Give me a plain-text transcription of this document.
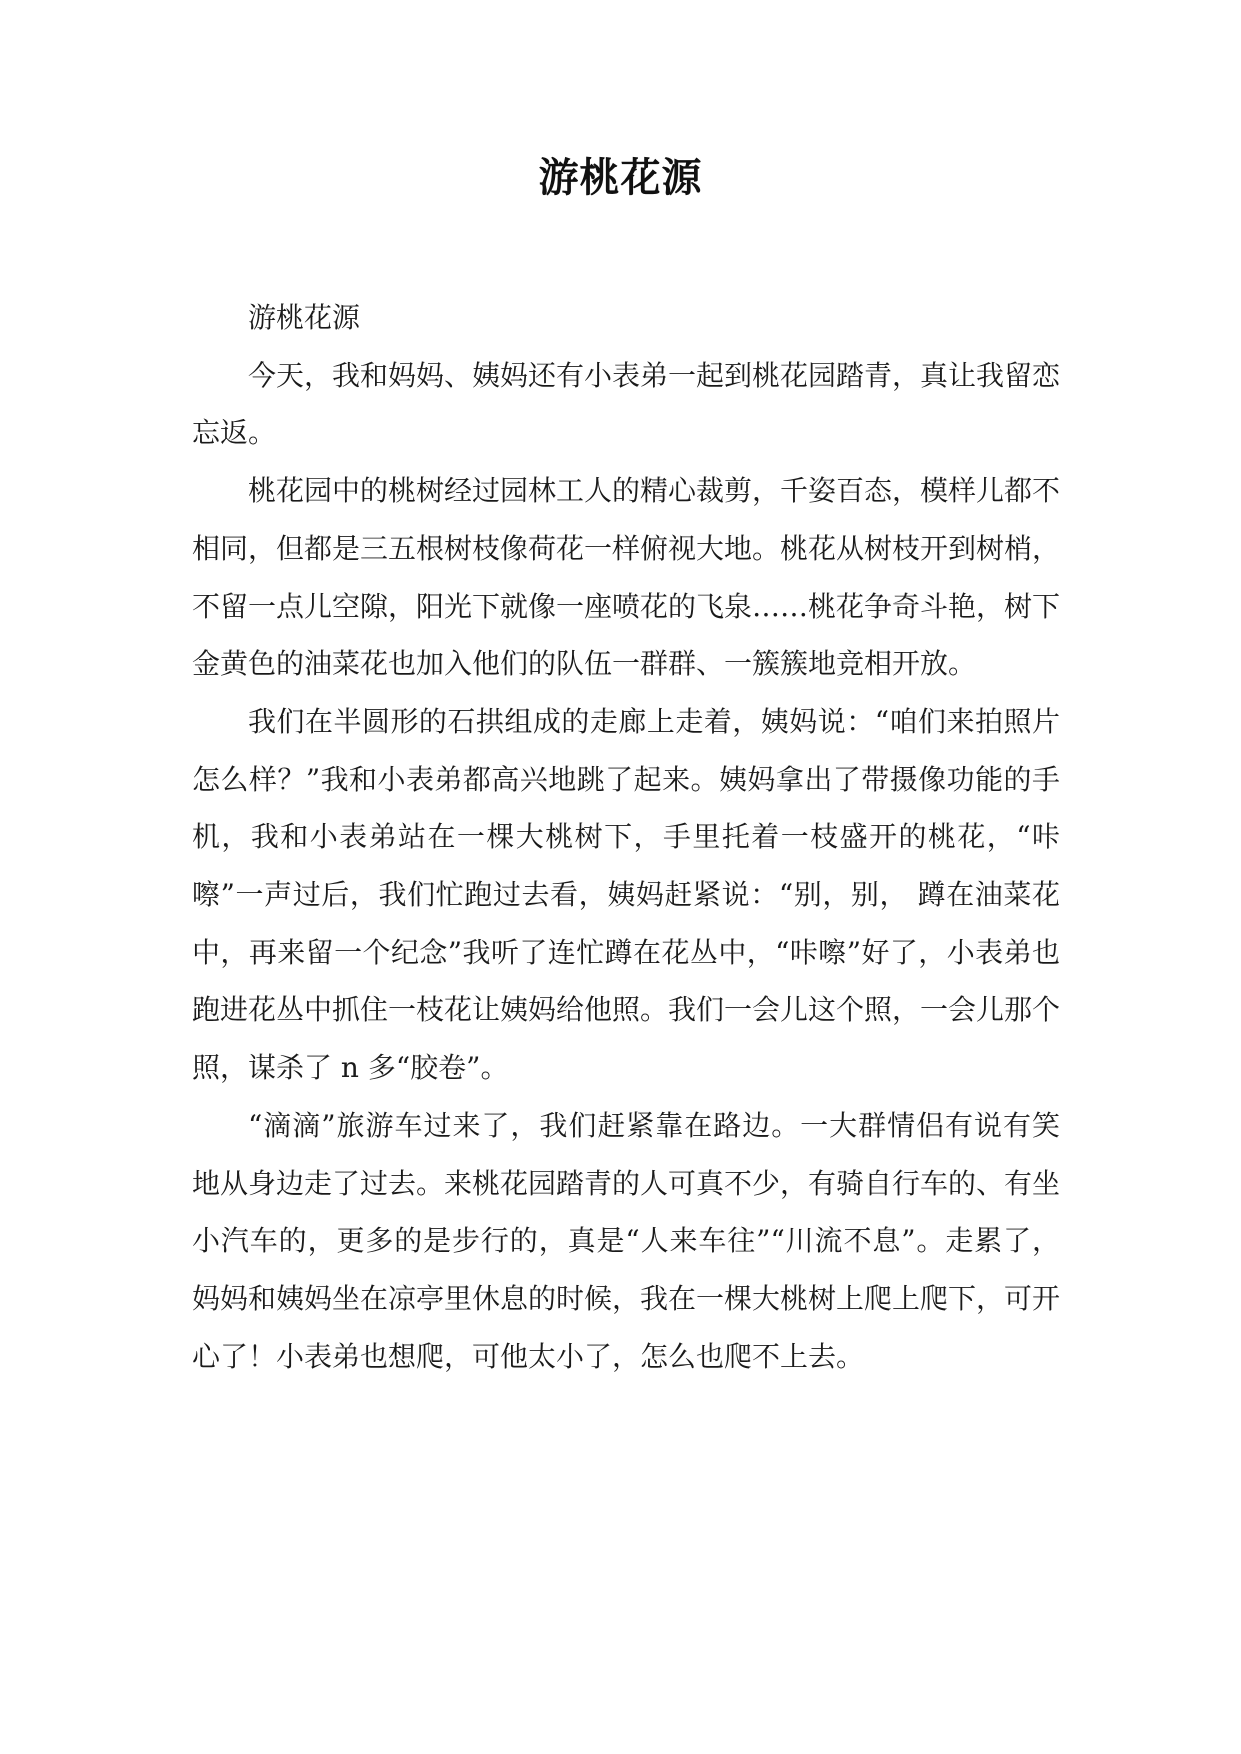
游桃花源

游桃花源

今天，我和妈妈、姨妈还有小表弟一起到桃花园踏青，真让我留恋忘返。

桃花园中的桃树经过园林工人的精心裁剪，千姿百态，模样儿都不相同，但都是三五根树枝像荷花一样俯视大地。桃花从树枝开到树梢，不留一点儿空隙，阳光下就像一座喷花的飞泉……桃花争奇斗艳，树下金黄色的油菜花也加入他们的队伍一群群、一簇簇地竞相开放。

我们在半圆形的石拱组成的走廊上走着，姨妈说：“咱们来拍照片怎么样？”我和小表弟都高兴地跳了起来。姨妈拿出了带摄像功能的手机，我和小表弟站在一棵大桃树下，手里托着一枝盛开的桃花，“咔嚓”一声过后，我们忙跑过去看，姨妈赶紧说：“别，别， 蹲在油菜花中，再来留一个纪念”我听了连忙蹲在花丛中，“咔嚓”好了，小表弟也跑进花丛中抓住一枝花让姨妈给他照。我们一会儿这个照，一会儿那个照，谋杀了 n 多“胶卷”。

“滴滴”旅游车过来了，我们赶紧靠在路边。一大群情侣有说有笑地从身边走了过去。来桃花园踏青的人可真不少，有骑自行车的、有坐小汽车的，更多的是步行的，真是“人来车往”“川流不息”。走累了，妈妈和姨妈坐在凉亭里休息的时候，我在一棵大桃树上爬上爬下，可开心了！小表弟也想爬，可他太小了，怎么也爬不上去。
